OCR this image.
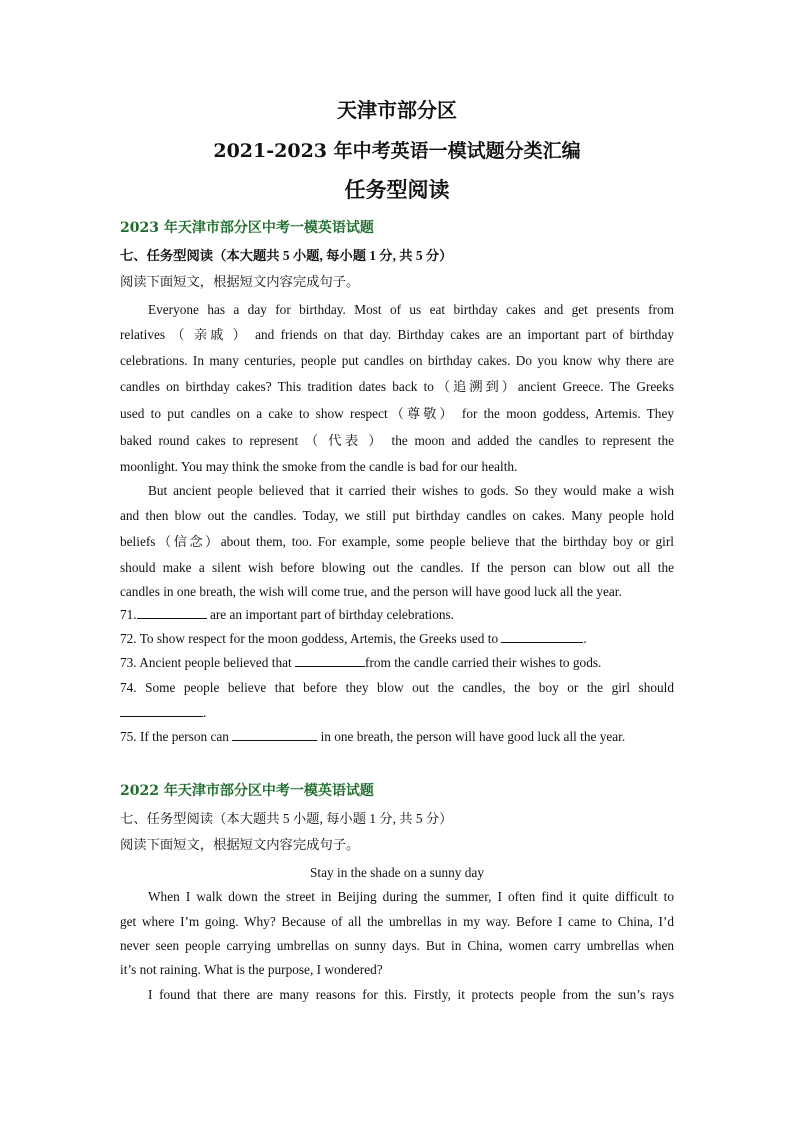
天津市部分区
2021-2023 年中考英语一模试题分类汇编
任务型阅读
2023 年天津市部分区中考一模英语试题
七、任务型阅读（本大题共 5 小题, 每小题 1 分, 共 5 分）
阅读下面短文，根据短文内容完成句子。
Everyone has a day for birthday. Most of us eat birthday cakes and get presents from
relatives （ 亲戚 ） and friends on that day. Birthday cakes are an important part of birthday
celebrations. In many centuries, people put candles on birthday cakes. Do you know why there are
candles on birthday cakes? This tradition dates back to（追溯到）ancient Greece. The Greeks
used to put candles on a cake to show respect（尊敬） for the moon goddess, Artemis. They
baked round cakes to represent （ 代表 ） the moon and added the candles to represent the
moonlight. You may think the smoke from the candle is bad for our health.
But ancient people believed that it carried their wishes to gods. So they would make a wish
and then blow out the candles. Today, we still put birthday candles on cakes. Many people hold
beliefs（信念）about them, too. For example, some people believe that the birthday boy or girl
should make a silent wish before blowing out the candles. If the person can blow out all the
candles in one breath, the wish will come true, and the person will have good luck all the year.
71.	are an important part of birthday celebrations.
72. To show respect for the moon goddess, Artemis, the Greeks used to	.
73. Ancient people believed that	from the candle carried their wishes to gods.
74. Some people believe that before they blow out the candles, the boy or the girl should
.
75. If the person can	in one breath, the person will have good luck all the year.
2022 年天津市部分区中考一模英语试题
七、任务型阅读（本大题共 5 小题, 每小题 1 分, 共 5 分）
阅读下面短文，根据短文内容完成句子。
Stay in the shade on a sunny day
When I walk down the street in Beijing during the summer, I often find it quite difficult to
get where I’m going. Why? Because of all the umbrellas in my way. Before I came to China, I’d
never seen people carrying umbrellas on sunny days. But in China, women carry umbrellas when
it’s not raining. What is the purpose, I wondered?
I found that there are many reasons for this. Firstly, it protects people from the sun’s rays
